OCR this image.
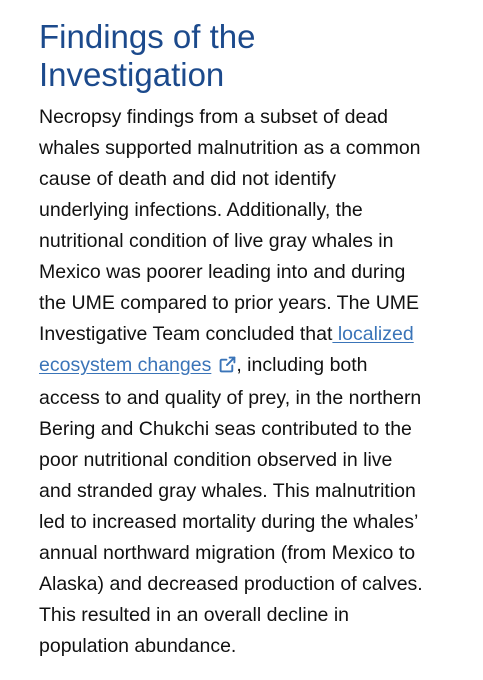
Findings of the
Investigation

Necropsy findings from a subset of dead
whales supported malnutrition as a common
cause of death and did not identify
underlying infections. Additionally, the
nutritional condition of live gray whales in
Mexico was poorer leading into and during
the UME compared to prior years. The UME
Investigative Team concluded that localized
ecosystem changes , including both
access to and quality of prey, in the northern
Bering and Chukchi seas contributed to the
poor nutritional condition observed in live
and stranded gray whales. This malnutrition
led to increased mortality during the whales’
annual northward migration (from Mexico to
Alaska) and decreased production of calves.
This resulted in an overall decline in
population abundance.
